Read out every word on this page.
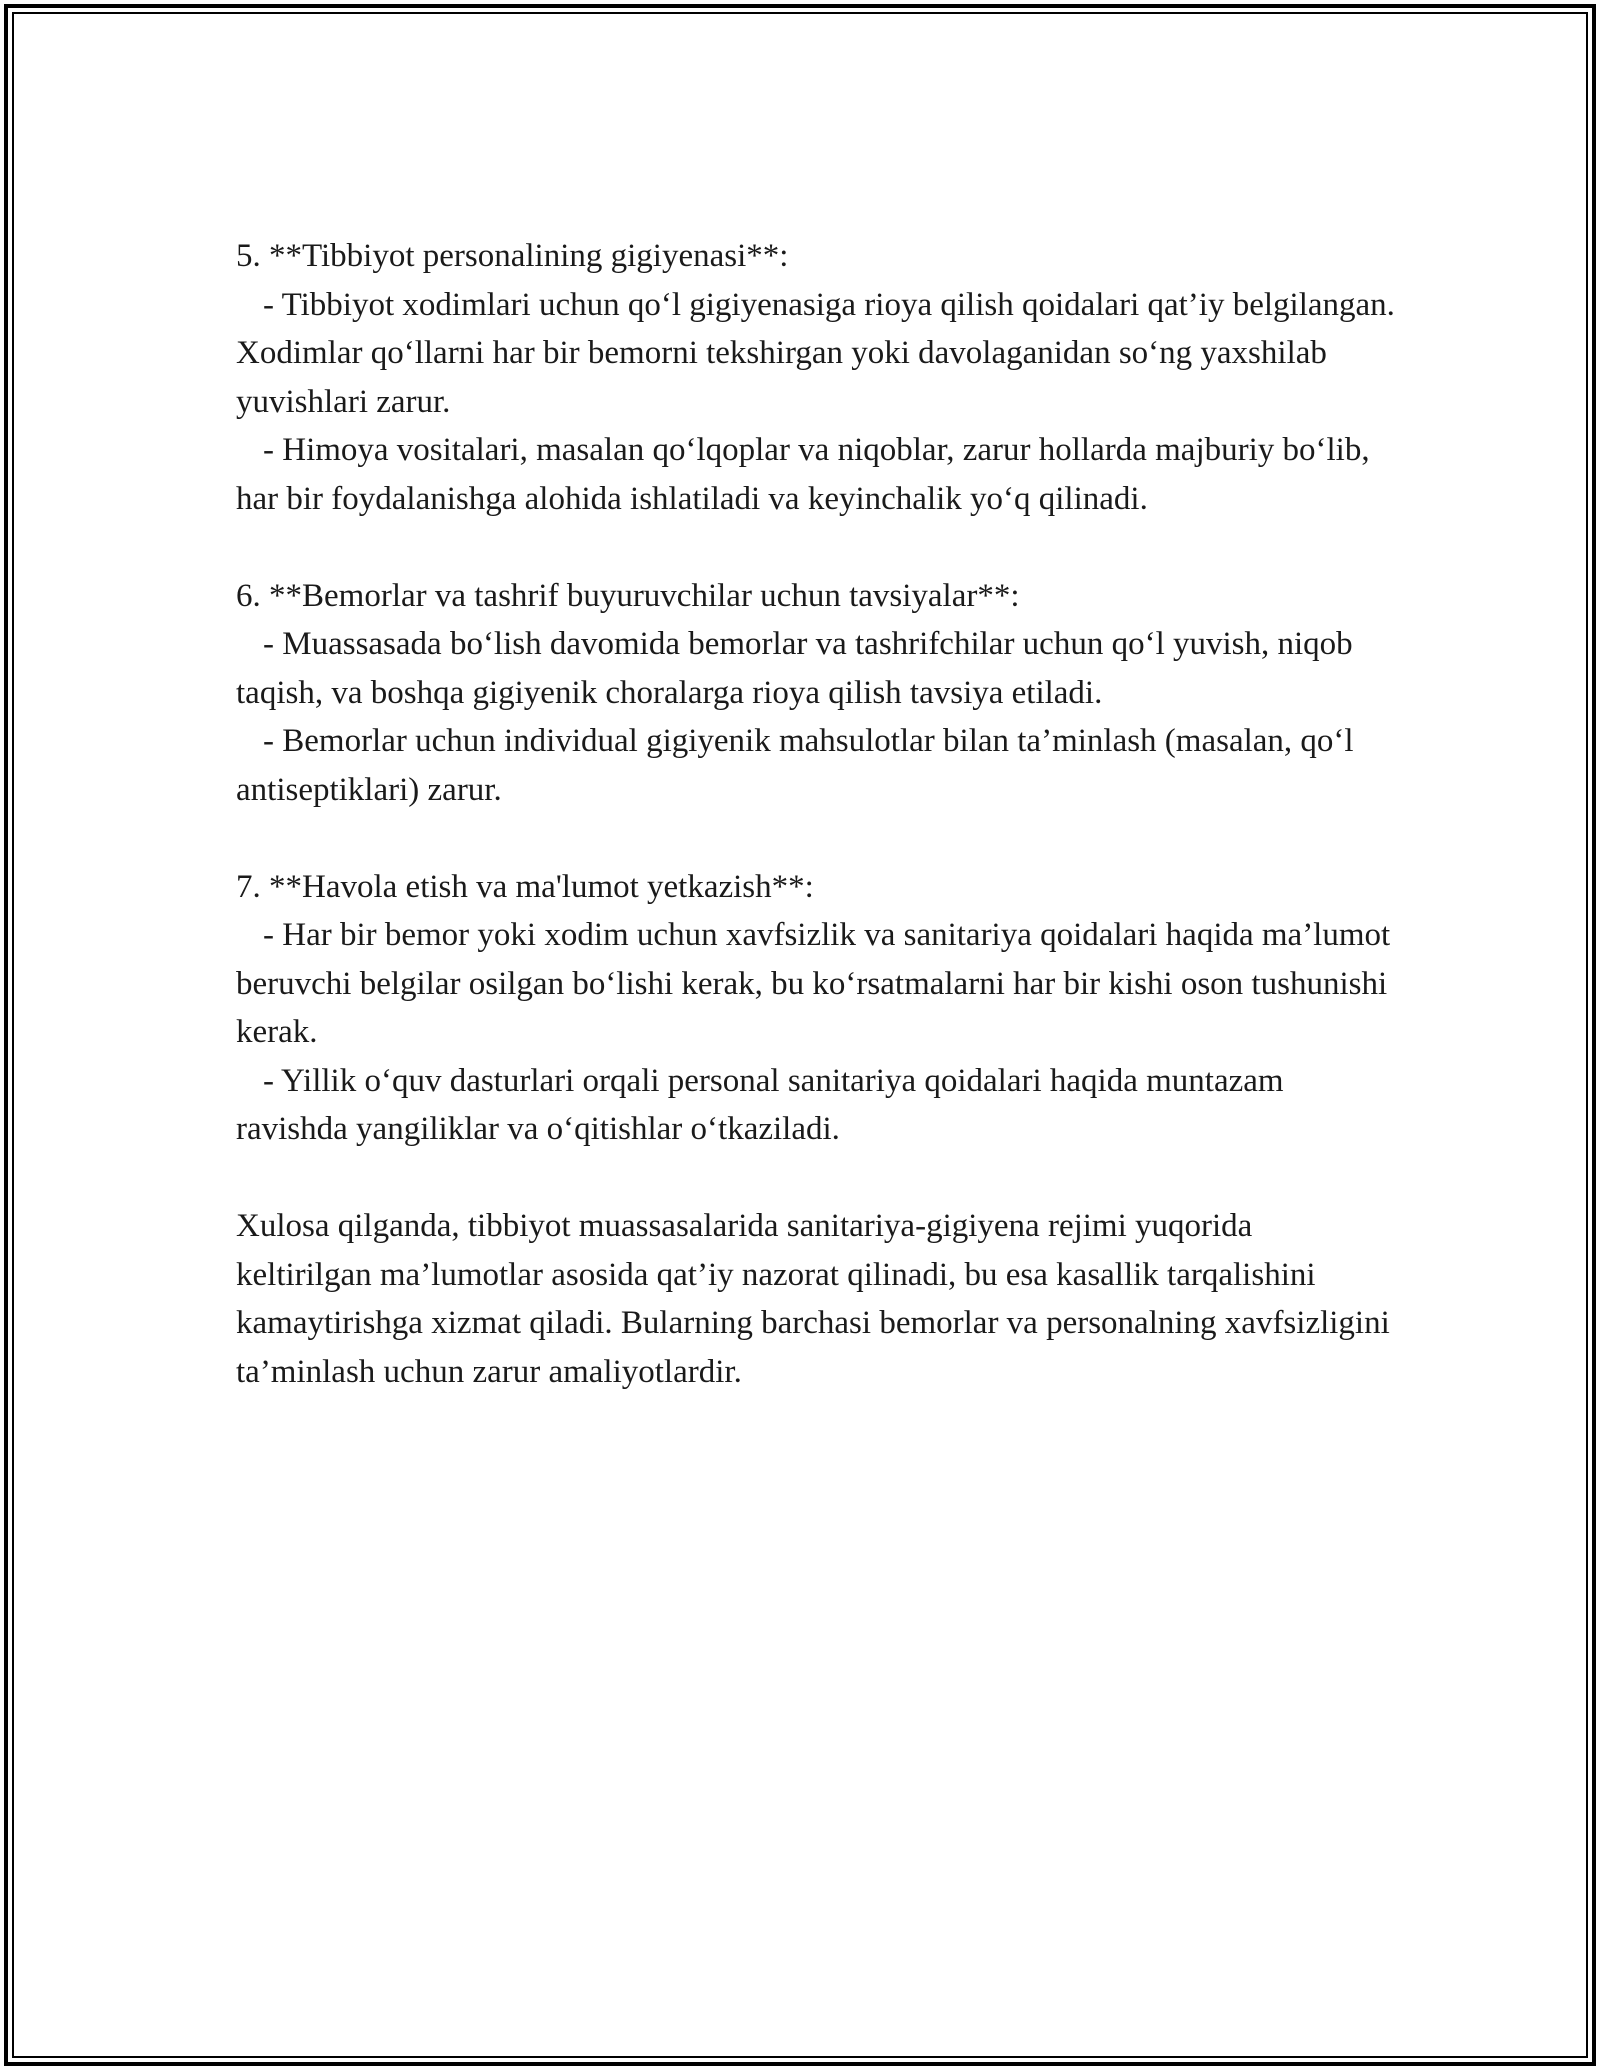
5. **Tibbiyot personalining gigiyenasi**:

- Tibbiyot xodimlari uchun qo‘l gigiyenasiga rioya qilish qoidalari qat’iy belgilangan. Xodimlar qo‘llarni har bir bemorni tekshirgan yoki davolaganidan so‘ng yaxshilab yuvishlari zarur.

- Himoya vositalari, masalan qo‘lqoplar va niqoblar, zarur hollarda majburiy bo‘lib, har bir foydalanishga alohida ishlatiladi va keyinchalik yo‘q qilinadi.

6. **Bemorlar va tashrif buyuruvchilar uchun tavsiyalar**:

- Muassasada bo‘lish davomida bemorlar va tashrifchilar uchun qo‘l yuvish, niqob taqish, va boshqa gigiyenik choralarga rioya qilish tavsiya etiladi.

- Bemorlar uchun individual gigiyenik mahsulotlar bilan ta’minlash (masalan, qo‘l antiseptiklari) zarur.

7. **Havola etish va ma'lumot yetkazish**:

- Har bir bemor yoki xodim uchun xavfsizlik va sanitariya qoidalari haqida ma’lumot beruvchi belgilar osilgan bo‘lishi kerak, bu ko‘rsatmalarni har bir kishi oson tushunishi kerak.

- Yillik o‘quv dasturlari orqali personal sanitariya qoidalari haqida muntazam ravishda yangiliklar va o‘qitishlar o‘tkaziladi.

Xulosa qilganda, tibbiyot muassasalarida sanitariya-gigiyena rejimi yuqorida keltirilgan ma’lumotlar asosida qat’iy nazorat qilinadi, bu esa kasallik tarqalishini kamaytirishga xizmat qiladi. Bularning barchasi bemorlar va personalning xavfsizligini ta’minlash uchun zarur amaliyotlardir.
